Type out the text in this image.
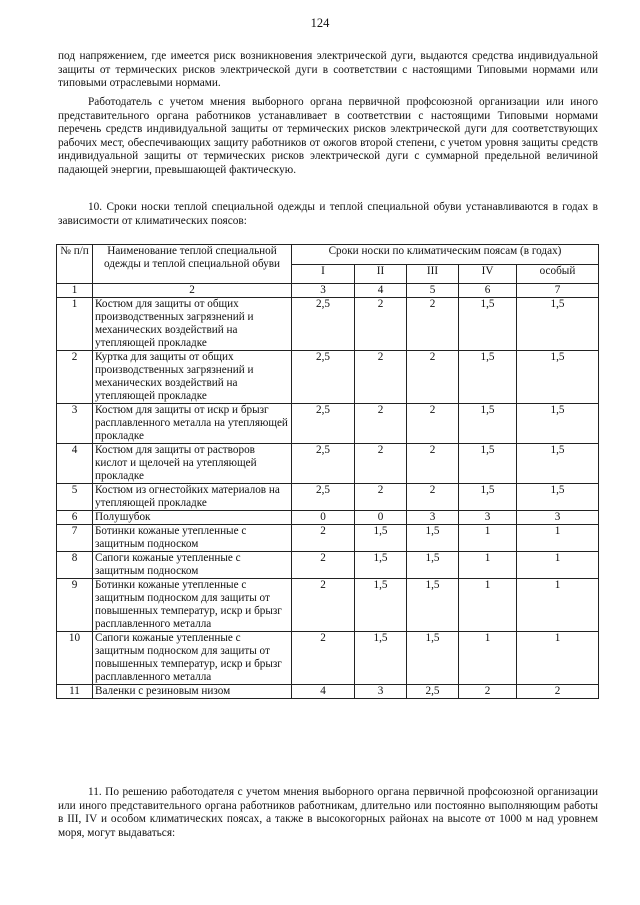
124

под напряжением, где имеется риск возникновения электрической дуги, выдаются средства индивидуальной защиты от термических рисков электрической дуги в соответствии с настоящими Типовыми нормами или типовыми отраслевыми нормами.

Работодатель с учетом мнения выборного органа первичной профсоюзной организации или иного представительного органа работников устанавливает в соответствии с настоящими Типовыми нормами перечень средств индивидуальной защиты от термических рисков электрической дуги для соответствующих рабочих мест, обеспечивающих защиту работников от ожогов второй степени, с учетом уровня защиты средств индивидуальной защиты от термических рисков электрической дуги с суммарной предельной величиной падающей энергии, превышающей фактическую.

10. Сроки носки теплой специальной одежды и теплой специальной обуви устанавливаются в годах в зависимости от климатических поясов:

№ п/п	Наименование теплой специальной одежды и теплой специальной обуви	Сроки носки по климатическим поясам (в годах)				
		I	II	III	IV	особый
1	2	3	4	5	6	7
1	Костюм для защиты от общих производственных загрязнений и механических воздействий на утепляющей прокладке	2,5	2	2	1,5	1,5
2	Куртка для защиты от общих производственных загрязнений и механических воздействий на утепляющей прокладке	2,5	2	2	1,5	1,5
3	Костюм для защиты от искр и брызг расплавленного металла на утепляющей прокладке	2,5	2	2	1,5	1,5
4	Костюм для защиты от растворов кислот и щелочей на утепляющей прокладке	2,5	2	2	1,5	1,5
5	Костюм из огнестойких материалов на утепляющей прокладке	2,5	2	2	1,5	1,5
6	Полушубок	0	0	3	3	3
7	Ботинки кожаные утепленные с защитным подноском	2	1,5	1,5	1	1
8	Сапоги кожаные утепленные с защитным подноском	2	1,5	1,5	1	1
9	Ботинки кожаные утепленные с защитным подноском для защиты от повышенных температур, искр и брызг расплавленного металла	2	1,5	1,5	1	1
10	Сапоги кожаные утепленные с защитным подноском для защиты от повышенных температур, искр и брызг расплавленного металла	2	1,5	1,5	1	1
11	Валенки с резиновым низом	4	3	2,5	2	2

11. По решению работодателя с учетом мнения выборного органа первичной профсоюзной организации или иного представительного органа работников работникам, длительно или постоянно выполняющим работы в III, IV и особом климатических поясах, а также в высокогорных районах на высоте от 1000 м над уровнем моря, могут выдаваться:
